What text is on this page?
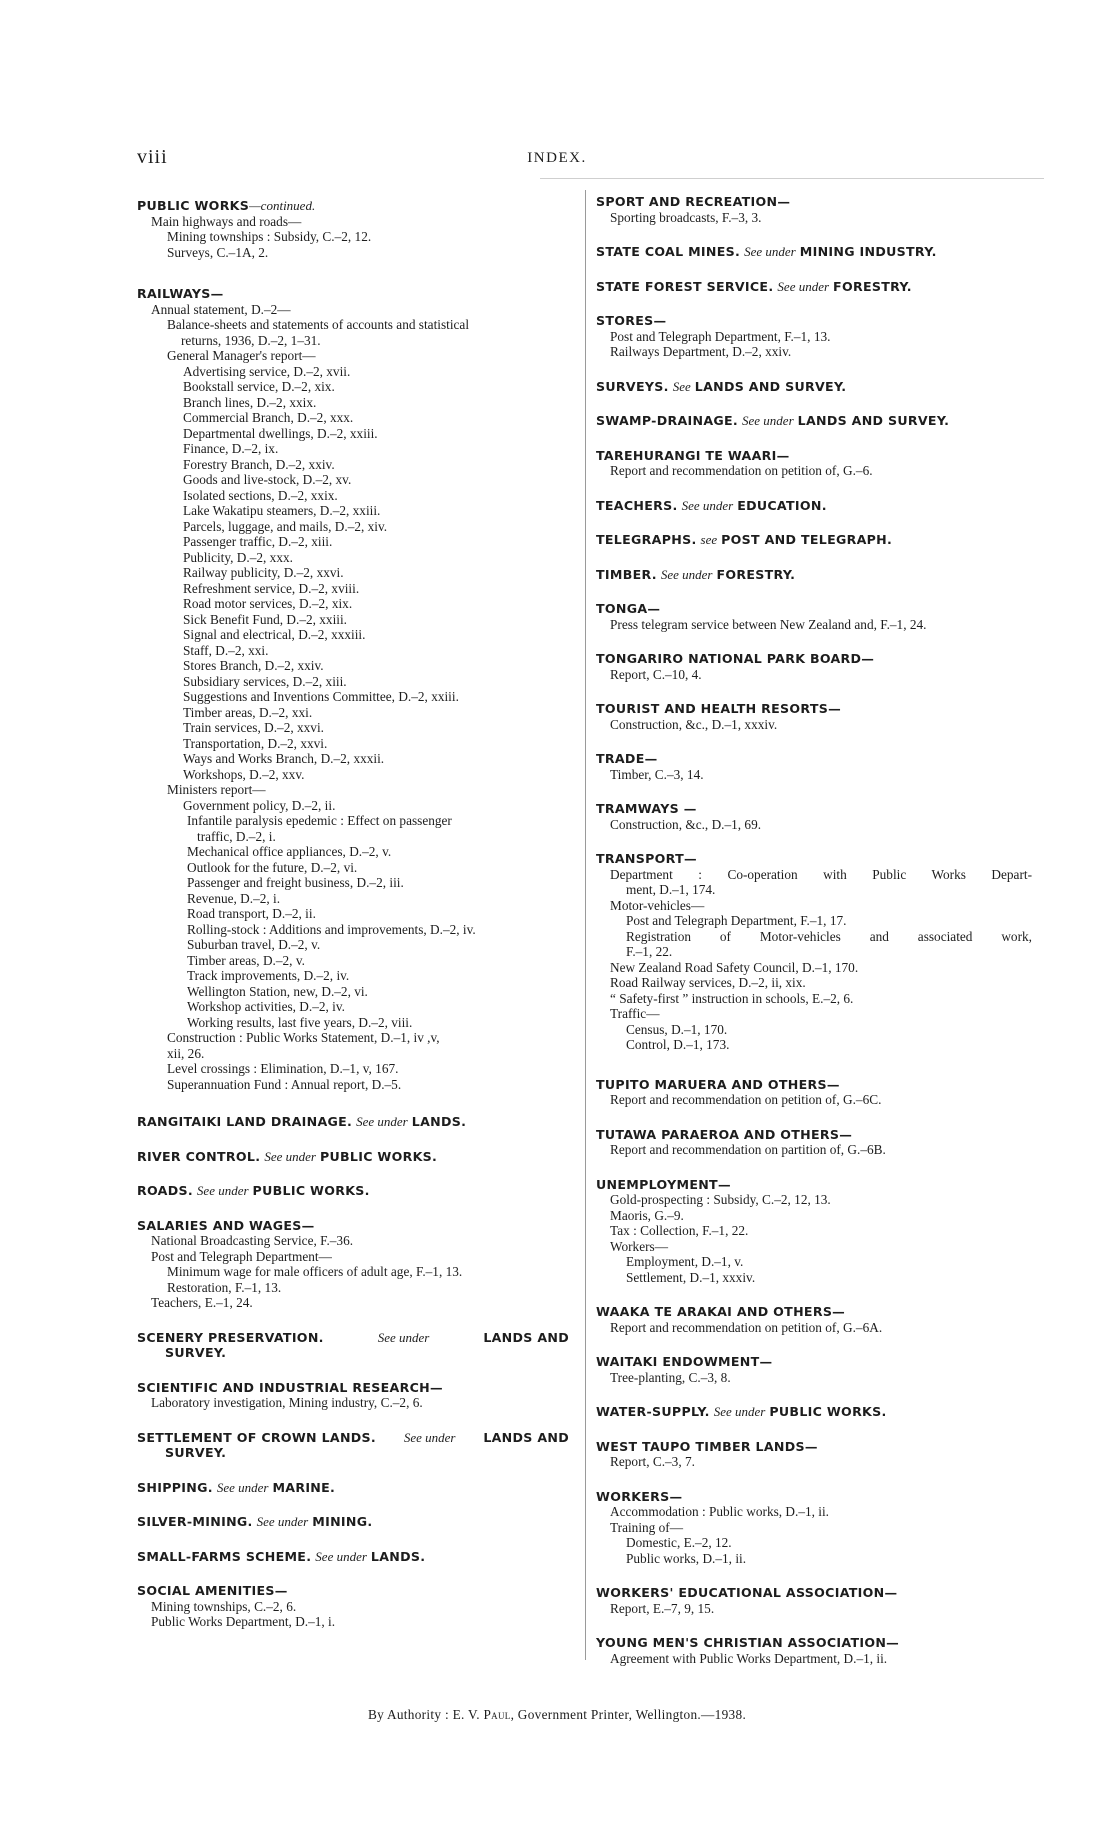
viii	INDEX.
PUBLIC WORKS—continued.
Main highways and roads—
Mining townships : Subsidy, C.–2, 12.
Surveys, C.–1A, 2.
RAILWAYS—
Annual statement, D.–2—
Balance-sheets and statements of accounts and statistical
returns, 1936, D.–2, 1–31.
General Manager's report—
Advertising service, D.–2, xvii.
Bookstall service, D.–2, xix.
Branch lines, D.–2, xxix.
Commercial Branch, D.–2, xxx.
Departmental dwellings, D.–2, xxiii.
Finance, D.–2, ix.
Forestry Branch, D.–2, xxiv.
Goods and live-stock, D.–2, xv.
Isolated sections, D.–2, xxix.
Lake Wakatipu steamers, D.–2, xxiii.
Parcels, luggage, and mails, D.–2, xiv.
Passenger traffic, D.–2, xiii.
Publicity, D.–2, xxx.
Railway publicity, D.–2, xxvi.
Refreshment service, D.–2, xviii.
Road motor services, D.–2, xix.
Sick Benefit Fund, D.–2, xxiii.
Signal and electrical, D.–2, xxxiii.
Staff, D.–2, xxi.
Stores Branch, D.–2, xxiv.
Subsidiary services, D.–2, xiii.
Suggestions and Inventions Committee, D.–2, xxiii.
Timber areas, D.–2, xxi.
Train services, D.–2, xxvi.
Transportation, D.–2, xxvi.
Ways and Works Branch, D.–2, xxxii.
Workshops, D.–2, xxv.
Ministers report—
Government policy, D.–2, ii.
Infantile paralysis epedemic : Effect on passenger
traffic, D.–2, i.
Mechanical office appliances, D.–2, v.
Outlook for the future, D.–2, vi.
Passenger and freight business, D.–2, iii.
Revenue, D.–2, i.
Road transport, D.–2, ii.
Rolling-stock : Additions and improvements, D.–2, iv.
Suburban travel, D.–2, v.
Timber areas, D.–2, v.
Track improvements, D.–2, iv.
Wellington Station, new, D.–2, vi.
Workshop activities, D.–2, iv.
Working results, last five years, D.–2, viii.
Construction : Public Works Statement, D.–1, iv ,v,
xii, 26.
Level crossings : Elimination, D.–1, v, 167.
Superannuation Fund : Annual report, D.–5.
RANGITAIKI LAND DRAINAGE. See under LANDS.
RIVER CONTROL. See under PUBLIC WORKS.
ROADS. See under PUBLIC WORKS.
SALARIES AND WAGES—
National Broadcasting Service, F.–36.
Post and Telegraph Department—
Minimum wage for male officers of adult age, F.–1, 13.
Restoration, F.–1, 13.
Teachers, E.–1, 24.
SCENERY PRESERVATION.	See under	LANDS AND
SURVEY.
SCIENTIFIC AND INDUSTRIAL RESEARCH—
Laboratory investigation, Mining industry, C.–2, 6.
SETTLEMENT OF CROWN LANDS. See under LANDS AND
SURVEY.
SHIPPING. See under MARINE.
SILVER-MINING. See under MINING.
SMALL-FARMS SCHEME. See under LANDS.
SOCIAL AMENITIES—
Mining townships, C.–2, 6.
Public Works Department, D.–1, i.
SPORT AND RECREATION—
Sporting broadcasts, F.–3, 3.
STATE COAL MINES. See under MINING INDUSTRY.
STATE FOREST SERVICE. See under FORESTRY.
STORES—
Post and Telegraph Department, F.–1, 13.
Railways Department, D.–2, xxiv.
SURVEYS. See LANDS AND SURVEY.
SWAMP-DRAINAGE. See under LANDS AND SURVEY.
TAREHURANGI TE WAARI—
Report and recommendation on petition of, G.–6.
TEACHERS. See under EDUCATION.
TELEGRAPHS. see POST AND TELEGRAPH.
TIMBER. See under FORESTRY.
TONGA—
Press telegram service between New Zealand and, F.–1, 24.
TONGARIRO NATIONAL PARK BOARD—
Report, C.–10, 4.
TOURIST AND HEALTH RESORTS—
Construction, &c., D.–1, xxxiv.
TRADE—
Timber, C.–3, 14.
TRAMWAYS —
Construction, &c., D.–1, 69.
TRANSPORT—
Department : Co-operation with Public Works Depart-
ment, D.–1, 174.
Motor-vehicles—
Post and Telegraph Department, F.–1, 17.
Registration of Motor-vehicles and associated work,
F.–1, 22.
New Zealand Road Safety Council, D.–1, 170.
Road Railway services, D.–2, ii, xix.
“ Safety-first ” instruction in schools, E.–2, 6.
Traffic—
Census, D.–1, 170.
Control, D.–1, 173.
TUPITO MARUERA AND OTHERS—
Report and recommendation on petition of, G.–6C.
TUTAWA PARAEROA AND OTHERS—
Report and recommendation on partition of, G.–6B.
UNEMPLOYMENT—
Gold-prospecting : Subsidy, C.–2, 12, 13.
Maoris, G.–9.
Tax : Collection, F.–1, 22.
Workers—
Employment, D.–1, v.
Settlement, D.–1, xxxiv.
WAAKA TE ARAKAI AND OTHERS—
Report and recommendation on petition of, G.–6A.
WAITAKI ENDOWMENT—
Tree-planting, C.–3, 8.
WATER-SUPPLY. See under PUBLIC WORKS.
WEST TAUPO TIMBER LANDS—
Report, C.–3, 7.
WORKERS—
Accommodation : Public works, D.–1, ii.
Training of—
Domestic, E.–2, 12.
Public works, D.–1, ii.
WORKERS' EDUCATIONAL ASSOCIATION—
Report, E.–7, 9, 15.
YOUNG MEN'S CHRISTIAN ASSOCIATION—
Agreement with Public Works Department, D.–1, ii.
By Authority : E. V. Paul, Government Printer, Wellington.—1938.
